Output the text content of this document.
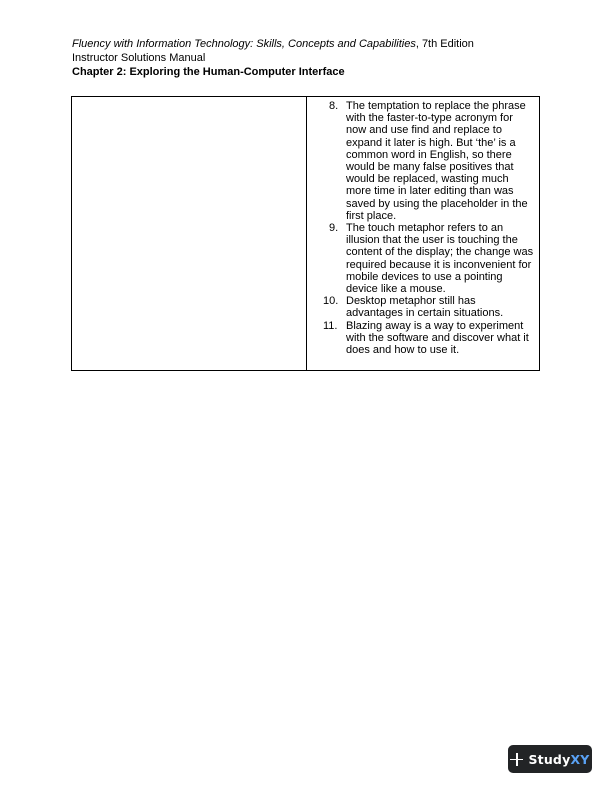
Fluency with Information Technology: Skills, Concepts and Capabilities, 7th Edition
Instructor Solutions Manual
Chapter 2: Exploring the Human-Computer Interface
8. The temptation to replace the phrase with the faster-to-type acronym for now and use find and replace to expand it later is high. But ‘the’ is a common word in English, so there would be many false positives that would be replaced, wasting much more time in later editing than was saved by using the placeholder in the first place.
9. The touch metaphor refers to an illusion that the user is touching the content of the display; the change was required because it is inconvenient for mobile devices to use a pointing device like a mouse.
10. Desktop metaphor still has advantages in certain situations.
11. Blazing away is a way to experiment with the software and discover what it does and how to use it.
StudyXY
